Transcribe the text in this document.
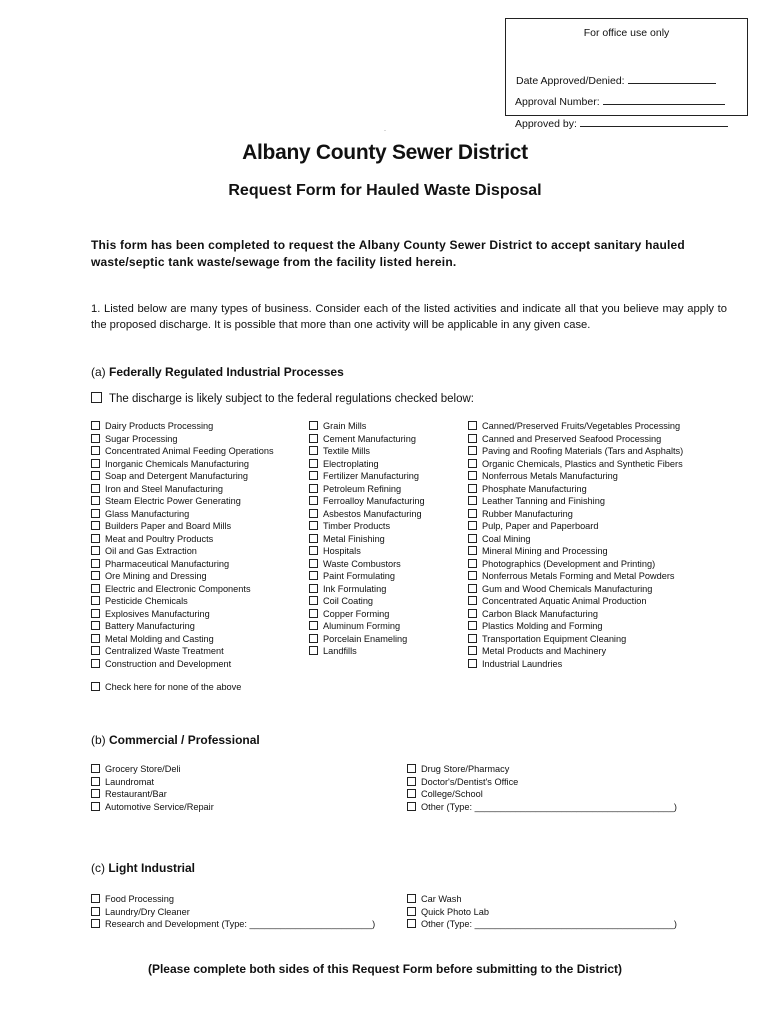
For office use only
Date Approved/Denied:
Approval Number:
Approved by:
-
Albany County Sewer District
Request Form for Hauled Waste Disposal
This form has been completed to request the Albany County Sewer District to accept sanitary hauled waste/septic tank waste/sewage from the facility listed herein.
1. Listed below are many types of business. Consider each of the listed activities and indicate all that you believe may apply to the proposed discharge. It is possible that more than one activity will be applicable in any given case.
(a) Federally Regulated Industrial Processes
The discharge is likely subject to the federal regulations checked below:
Dairy Products Processing
Sugar Processing
Concentrated Animal Feeding Operations
Inorganic Chemicals Manufacturing
Soap and Detergent Manufacturing
Iron and Steel Manufacturing
Steam Electric Power Generating
Glass Manufacturing
Builders Paper and Board Mills
Meat and Poultry Products
Oil and Gas Extraction
Pharmaceutical Manufacturing
Ore Mining and Dressing
Electric and Electronic Components
Pesticide Chemicals
Explosives Manufacturing
Battery Manufacturing
Metal Molding and Casting
Centralized Waste Treatment
Construction and Development
Grain Mills
Cement Manufacturing
Textile Mills
Electroplating
Fertilizer Manufacturing
Petroleum Refining
Ferroalloy Manufacturing
Asbestos Manufacturing
Timber Products
Metal Finishing
Hospitals
Waste Combustors
Paint Formulating
Ink Formulating
Coil Coating
Copper Forming
Aluminum Forming
Porcelain Enameling
Landfills
Canned/Preserved Fruits/Vegetables Processing
Canned and Preserved Seafood Processing
Paving and Roofing Materials (Tars and Asphalts)
Organic Chemicals, Plastics and Synthetic Fibers
Nonferrous Metals Manufacturing
Phosphate Manufacturing
Leather Tanning and Finishing
Rubber Manufacturing
Pulp, Paper and Paperboard
Coal Mining
Mineral Mining and Processing
Photographics (Development and Printing)
Nonferrous Metals Forming and Metal Powders
Gum and Wood Chemicals Manufacturing
Concentrated Aquatic Animal Production
Carbon Black Manufacturing
Plastics Molding and Forming
Transportation Equipment Cleaning
Metal Products and Machinery
Industrial Laundries
Check here for none of the above
(b) Commercial / Professional
Grocery Store/Deli
Laundromat
Restaurant/Bar
Automotive Service/Repair
Drug Store/Pharmacy
Doctor's/Dentist's Office
College/School
Other (Type: _______________________________________)
(c) Light Industrial
Food Processing
Laundry/Dry Cleaner
Research and Development (Type: ________________________)
Car Wash
Quick Photo Lab
Other (Type: _______________________________________)
(Please complete both sides of this Request Form before submitting to the District)
